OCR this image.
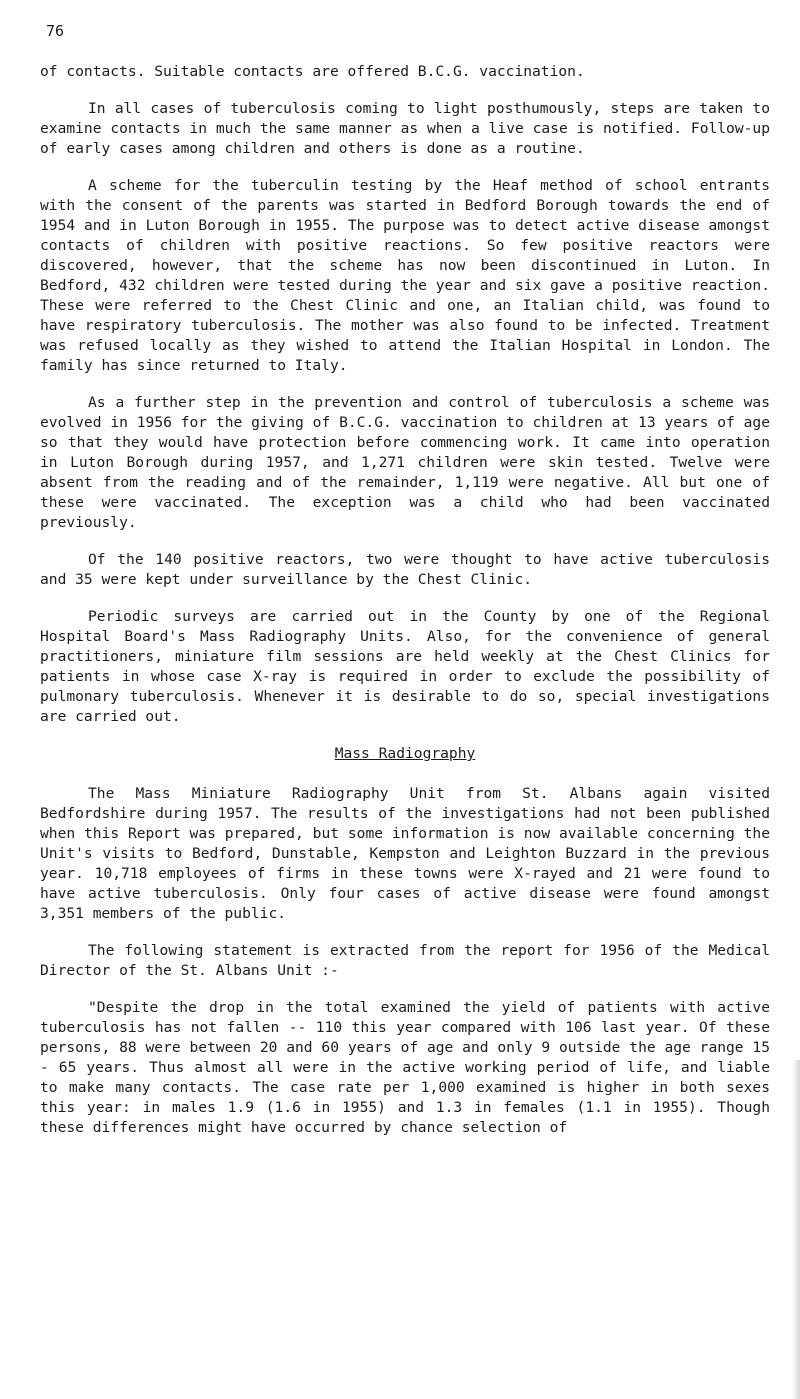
76

of contacts. Suitable contacts are offered B.C.G. vaccination.

In all cases of tuberculosis coming to light posthumously, steps are taken to examine contacts in much the same manner as when a live case is notified. Follow-up of early cases among children and others is done as a routine.

A scheme for the tuberculin testing by the Heaf method of school entrants with the consent of the parents was started in Bedford Borough towards the end of 1954 and in Luton Borough in 1955. The purpose was to detect active disease amongst contacts of children with positive reactions. So few positive reactors were discovered, however, that the scheme has now been discontinued in Luton. In Bedford, 432 children were tested during the year and six gave a positive reaction. These were referred to the Chest Clinic and one, an Italian child, was found to have respiratory tuberculosis. The mother was also found to be infected. Treatment was refused locally as they wished to attend the Italian Hospital in London. The family has since returned to Italy.

As a further step in the prevention and control of tuberculosis a scheme was evolved in 1956 for the giving of B.C.G. vaccination to children at 13 years of age so that they would have protection before commencing work. It came into operation in Luton Borough during 1957, and 1,271 children were skin tested. Twelve were absent from the reading and of the remainder, 1,119 were negative. All but one of these were vaccinated. The exception was a child who had been vaccinated previously.

Of the 140 positive reactors, two were thought to have active tuberculosis and 35 were kept under surveillance by the Chest Clinic.

Periodic surveys are carried out in the County by one of the Regional Hospital Board's Mass Radiography Units. Also, for the convenience of general practitioners, miniature film sessions are held weekly at the Chest Clinics for patients in whose case X-ray is required in order to exclude the possibility of pulmonary tuberculosis. Whenever it is desirable to do so, special investigations are carried out.

Mass Radiography

The Mass Miniature Radiography Unit from St. Albans again visited Bedfordshire during 1957. The results of the investigations had not been published when this Report was prepared, but some information is now available concerning the Unit's visits to Bedford, Dunstable, Kempston and Leighton Buzzard in the previous year. 10,718 employees of firms in these towns were X-rayed and 21 were found to have active tuberculosis. Only four cases of active disease were found amongst 3,351 members of the public.

The following statement is extracted from the report for 1956 of the Medical Director of the St. Albans Unit :-

"Despite the drop in the total examined the yield of patients with active tuberculosis has not fallen -- 110 this year compared with 106 last year. Of these persons, 88 were between 20 and 60 years of age and only 9 outside the age range 15 - 65 years. Thus almost all were in the active working period of life, and liable to make many contacts. The case rate per 1,000 examined is higher in both sexes this year: in males 1.9 (1.6 in 1955) and 1.3 in females (1.1 in 1955). Though these differences might have occurred by chance selection of
